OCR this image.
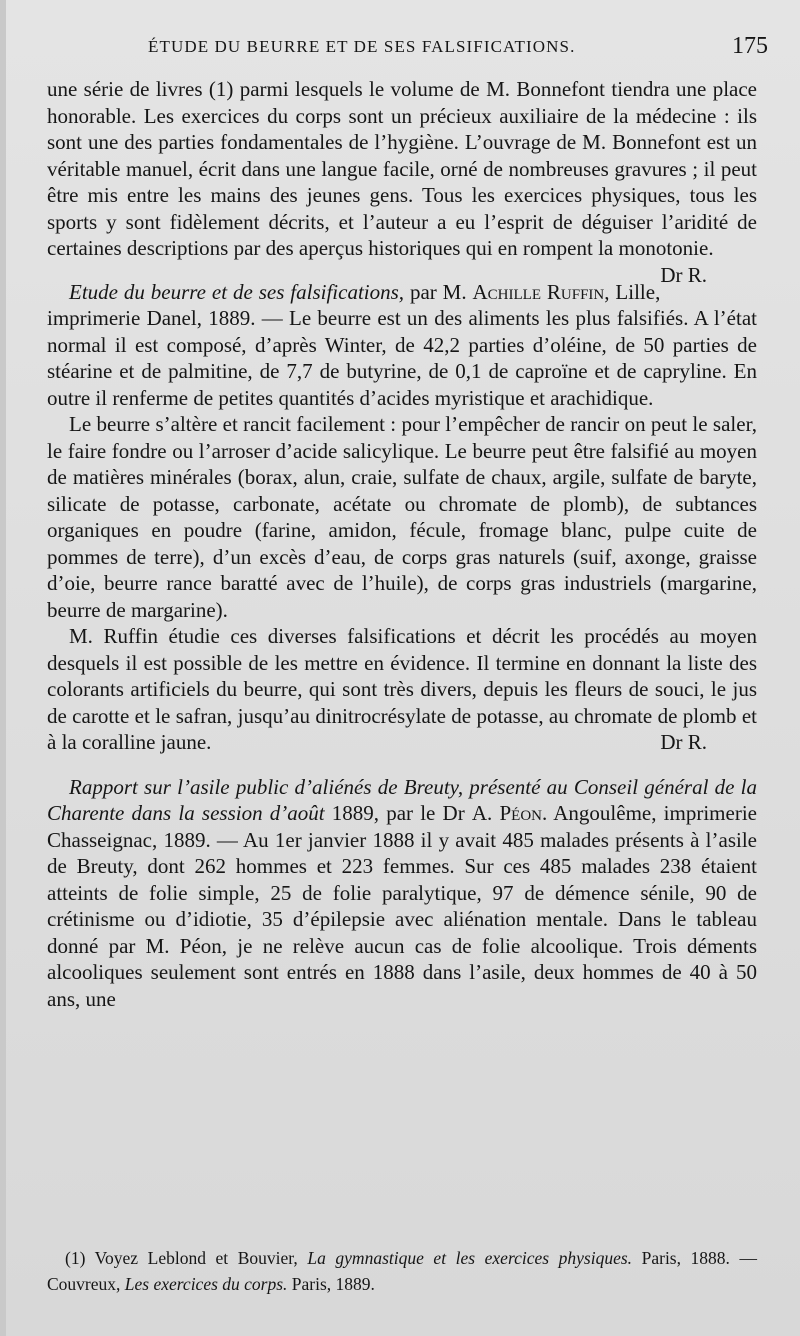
ÉTUDE DU BEURRE ET DE SES FALSIFICATIONS.	175

une série de livres (1) parmi lesquels le volume de M. Bonnefont tiendra une place honorable. Les exercices du corps sont un précieux auxiliaire de la médecine : ils sont une des parties fondamentales de l’hygiène. L’ouvrage de M. Bonnefont est un véritable manuel, écrit dans une langue facile, orné de nombreuses gravures ; il peut être mis entre les mains des jeunes gens. Tous les exercices physiques, tous les sports y sont fidèlement décrits, et l’auteur a eu l’esprit de déguiser l’aridité de certaines descriptions par des aperçus historiques qui en rompent la monotonie.
Dr R.

Etude du beurre et de ses falsifications, par M. Achille Ruffin, Lille, imprimerie Danel, 1889. — Le beurre est un des aliments les plus falsifiés. A l’état normal il est composé, d’après Winter, de 42,2 parties d’oléine, de 50 parties de stéarine et de palmitine, de 7,7 de butyrine, de 0,1 de caproïne et de capryline. En outre il renferme de petites quantités d’acides myristique et arachidique.

Le beurre s’altère et rancit facilement : pour l’empêcher de rancir on peut le saler, le faire fondre ou l’arroser d’acide salicylique. Le beurre peut être falsifié au moyen de matières minérales (borax, alun, craie, sulfate de chaux, argile, sulfate de baryte, silicate de potasse, carbonate, acétate ou chromate de plomb), de subtances organiques en poudre (farine, amidon, fécule, fromage blanc, pulpe cuite de pommes de terre), d’un excès d’eau, de corps gras naturels (suif, axonge, graisse d’oie, beurre rance baratté avec de l’huile), de corps gras industriels (margarine, beurre de margarine).

M. Ruffin étudie ces diverses falsifications et décrit les procédés au moyen desquels il est possible de les mettre en évidence. Il termine en donnant la liste des colorants artificiels du beurre, qui sont très divers, depuis les fleurs de souci, le jus de carotte et le safran, jusqu’au dinitrocrésylate de potasse, au chromate de plomb et à la coralline jaune.	Dr R.

Rapport sur l’asile public d’aliénés de Breuty, présenté au Conseil général de la Charente dans la session d’août 1889, par le Dr A. Péon. Angoulême, imprimerie Chasseignac, 1889. — Au 1er janvier 1888 il y avait 485 malades présents à l’asile de Breuty, dont 262 hommes et 223 femmes. Sur ces 485 malades 238 étaient atteints de folie simple, 25 de folie paralytique, 97 de démence sénile, 90 de crétinisme ou d’idiotie, 35 d’épilepsie avec aliénation mentale. Dans le tableau donné par M. Péon, je ne relève aucun cas de folie alcoolique. Trois déments alcooliques seulement sont entrés en 1888 dans l’asile, deux hommes de 40 à 50 ans, une

(1) Voyez Leblond et Bouvier, La gymnastique et les exercices physiques. Paris, 1888. — Couvreux, Les exercices du corps. Paris, 1889.
